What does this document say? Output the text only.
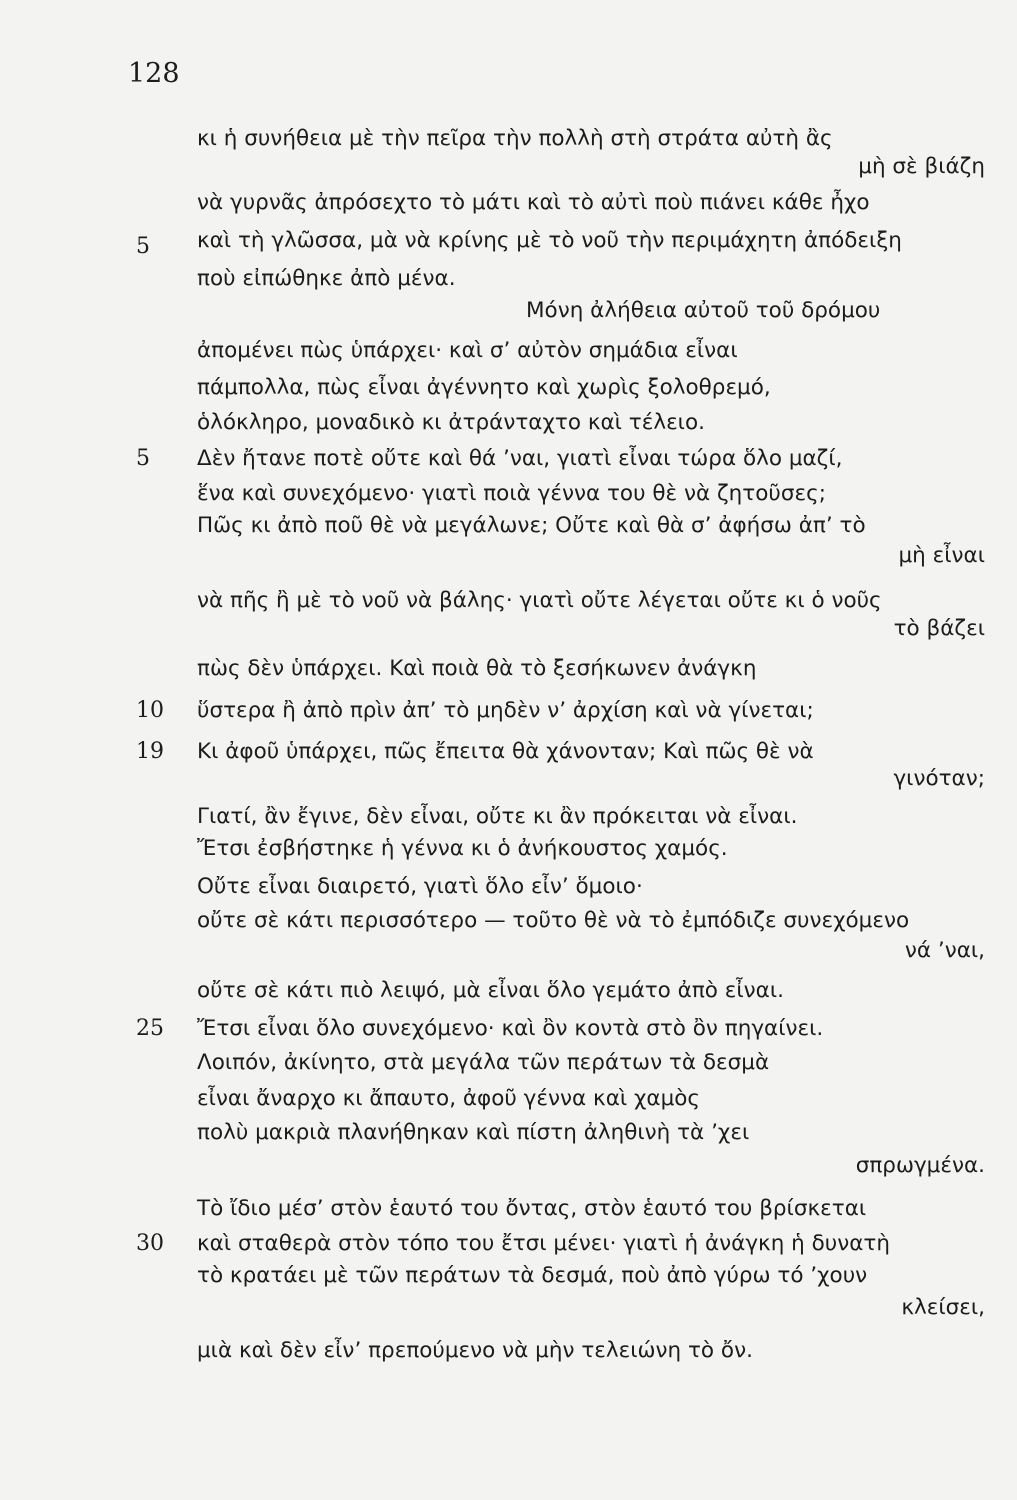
128
5
5
10
19
25
30
κι ἡ συνήθεια μὲ τὴν πεῖρα τὴν πολλὴ στὴ στράτα αὐτὴ ἂς
μὴ σὲ βιάζη
νὰ γυρνᾶς ἀπρόσεχτο τὸ μάτι καὶ τὸ αὐτὶ ποὺ πιάνει κάθε ἦχο
καὶ τὴ γλῶσσα, μὰ νὰ κρίνης μὲ τὸ νοῦ τὴν περιμάχητη ἀπόδειξη
ποὺ εἰπώθηκε ἀπὸ μένα.
Μόνη ἀλήθεια αὐτοῦ τοῦ δρόμου
ἀπομένει πὼς ὑπάρχει· καὶ σ’ αὐτὸν σημάδια εἶναι
πάμπολλα, πὼς εἶναι ἀγέννητο καὶ χωρὶς ξολοθρεμό,
ὁλόκληρο, μοναδικὸ κι ἀτράνταχτο καὶ τέλειο.
Δὲν ἤτανε ποτὲ οὔτε καὶ θά ’ναι, γιατὶ εἶναι τώρα ὅλο μαζί,
ἕνα καὶ συνεχόμενο· γιατὶ ποιὰ γέννα του θὲ νὰ ζητοῦσες;
Πῶς κι ἀπὸ ποῦ θὲ νὰ μεγάλωνε; Οὔτε καὶ θὰ σ’ ἀφήσω ἀπ’ τὸ
μὴ εἶναι
νὰ πῆς ἢ μὲ τὸ νοῦ νὰ βάλης· γιατὶ οὔτε λέγεται οὔτε κι ὁ νοῦς
τὸ βάζει
πὼς δὲν ὑπάρχει. Καὶ ποιὰ θὰ τὸ ξεσήκωνεν ἀνάγκη
ὕστερα ἢ ἀπὸ πρὶν ἀπ’ τὸ μηδὲν ν’ ἀρχίση καὶ νὰ γίνεται;
Κι ἀφοῦ ὑπάρχει, πῶς ἔπειτα θὰ χάνονταν; Καὶ πῶς θὲ νὰ
γινόταν;
Γιατί, ἂν ἔγινε, δὲν εἶναι, οὔτε κι ἂν πρόκειται νὰ εἶναι.
Ἔτσι ἐσβήστηκε ἡ γέννα κι ὁ ἀνήκουστος χαμός.
Οὔτε εἶναι διαιρετό, γιατὶ ὅλο εἶν’ ὅμοιο·
οὔτε σὲ κάτι περισσότερο — τοῦτο θὲ νὰ τὸ ἐμπόδιζε συνεχόμενο
νά ’ναι,
οὔτε σὲ κάτι πιὸ λειψό, μὰ εἶναι ὅλο γεμάτο ἀπὸ εἶναι.
Ἔτσι εἶναι ὅλο συνεχόμενο· καὶ ὂν κοντὰ στὸ ὂν πηγαίνει.
Λοιπόν, ἀκίνητο, στὰ μεγάλα τῶν περάτων τὰ δεσμὰ
εἶναι ἄναρχο κι ἄπαυτο, ἀφοῦ γέννα καὶ χαμὸς
πολὺ μακριὰ πλανήθηκαν καὶ πίστη ἀληθινὴ τὰ ’χει
σπρωγμένα.
Τὸ ἴδιο μέσ’ στὸν ἑαυτό του ὄντας, στὸν ἑαυτό του βρίσκεται
καὶ σταθερὰ στὸν τόπο του ἔτσι μένει· γιατὶ ἡ ἀνάγκη ἡ δυνατὴ
τὸ κρατάει μὲ τῶν περάτων τὰ δεσμά, ποὺ ἀπὸ γύρω τό ’χουν
κλείσει,
μιὰ καὶ δὲν εἶν’ πρεπούμενο νὰ μὴν τελειώνη τὸ ὄν.
